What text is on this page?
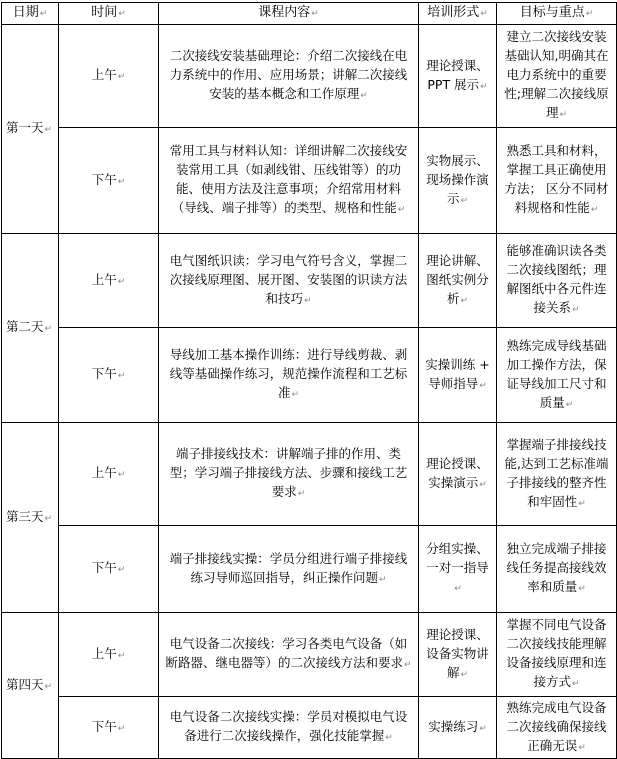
日期↵	时间↵	课程内容↵	培训形式↵	目标与重点↵
第一天↵	上午↵	二次接线安装基础理论：介绍二次接线在电力系统中的作用、应用场景；讲解二次接线安装的基本概念和工作原理↵	理论授课、PPT 展示↵	建立二次接线安装基础认知,明确其在电力系统中的重要性;理解二次接线原理↵
	下午↵	常用工具与材料认知：详细讲解二次接线安装常用工具（如剥线钳、压线钳等）的功能、使用方法及注意事项；介绍常用材料（导线、端子排等）的类型、规格和性能↵	实物展示、现场操作演示↵	熟悉工具和材料，掌握工具正确使用方法； 区分不同材料规格和性能↵
第二天↵	上午↵	电气图纸识读：学习电气符号含义，掌握二次接线原理图、展开图、安装图的识读方法和技巧↵	理论讲解、图纸实例分析↵	能够准确识读各类二次接线图纸；理解图纸中各元件连接关系↵
	下午↵	导线加工基本操作训练：进行导线剪裁、剥线等基础操作练习，规范操作流程和工艺标准↵	实操训练 + 导师指导↵	熟练完成导线基础加工操作方法，保证导线加工尺寸和质量↵
第三天↵	上午↵	端子排接线技术：讲解端子排的作用、类型；学习端子排接线方法、步骤和接线工艺要求↵	理论授课、实操演示↵	掌握端子排接线技能,达到工艺标准端子排接线的整齐性和牢固性↵
	下午↵	端子排接线实操：学员分组进行端子排接线练习导师巡回指导，纠正操作问题↵	分组实操、一对一指导↵	独立完成端子排接线任务提高接线效率和质量↵
第四天↵	上午↵	电气设备二次接线：学习各类电气设备（如断路器、继电器等）的二次接线方法和要求↵	理论授课、设备实物讲解↵	掌握不同电气设备二次接线技能理解设备接线原理和连接方式↵
	下午↵	电气设备二次接线实操：学员对模拟电气设备进行二次接线操作，强化技能掌握↵	实操练习↵	熟练完成电气设备二次接线确保接线正确无误↵
